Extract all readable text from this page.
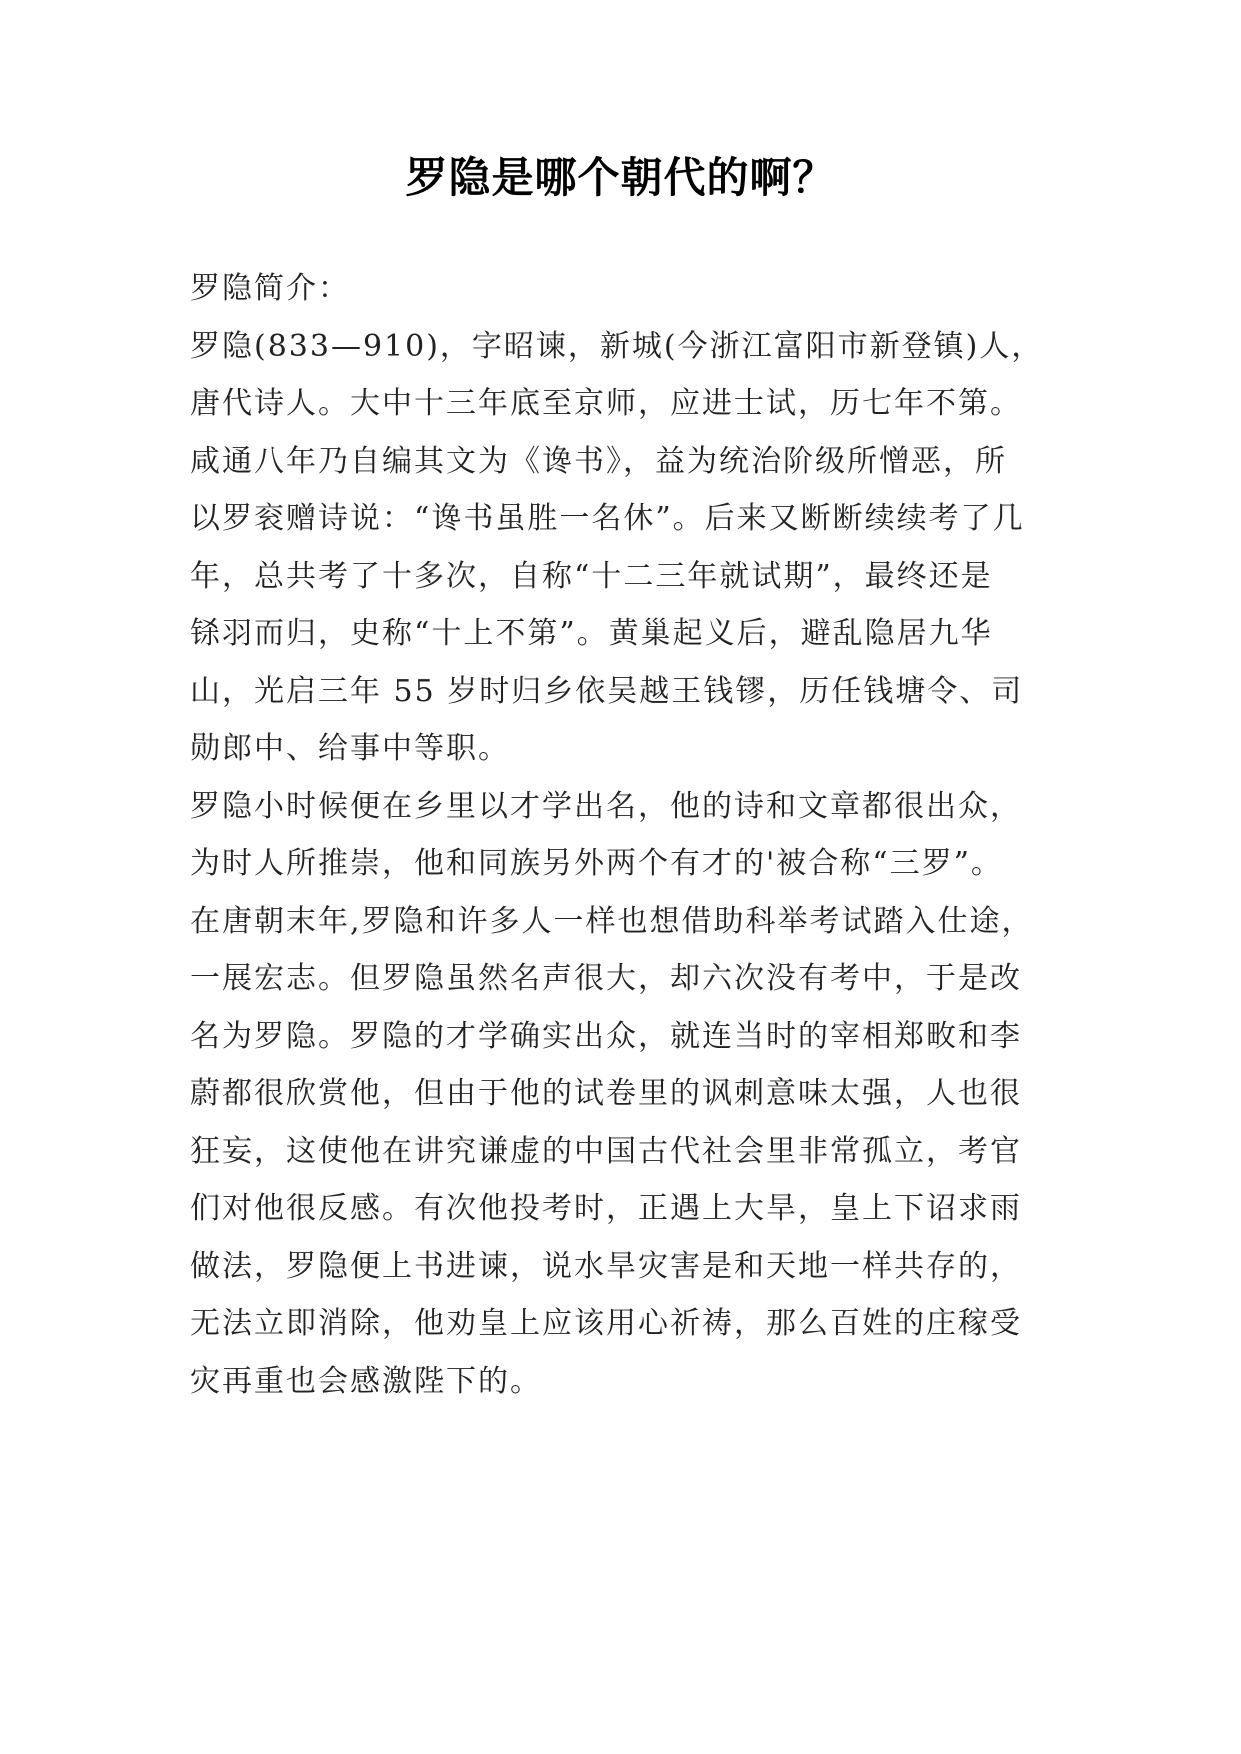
罗隐是哪个朝代的啊？
罗隐简介：
罗隐(833—910)，字昭谏，新城(今浙江富阳市新登镇)人，
唐代诗人。大中十三年底至京师，应进士试，历七年不第。
咸通八年乃自编其文为《谗书》，益为统治阶级所憎恶，所
以罗衮赠诗说：“谗书虽胜一名休”。后来又断断续续考了几
年，总共考了十多次，自称“十二三年就试期”，最终还是
铩羽而归，史称“十上不第”。黄巢起义后，避乱隐居九华
山，光启三年 55 岁时归乡依吴越王钱镠，历任钱塘令、司
勋郎中、给事中等职。
罗隐小时候便在乡里以才学出名，他的诗和文章都很出众，
为时人所推崇，他和同族另外两个有才的'被合称“三罗”。
在唐朝末年,罗隐和许多人一样也想借助科举考试踏入仕途，
一展宏志。但罗隐虽然名声很大，却六次没有考中，于是改
名为罗隐。罗隐的才学确实出众，就连当时的宰相郑畋和李
蔚都很欣赏他，但由于他的试卷里的讽刺意味太强，人也很
狂妄，这使他在讲究谦虚的中国古代社会里非常孤立，考官
们对他很反感。有次他投考时，正遇上大旱，皇上下诏求雨
做法，罗隐便上书进谏，说水旱灾害是和天地一样共存的，
无法立即消除，他劝皇上应该用心祈祷，那么百姓的庄稼受
灾再重也会感激陛下的。
